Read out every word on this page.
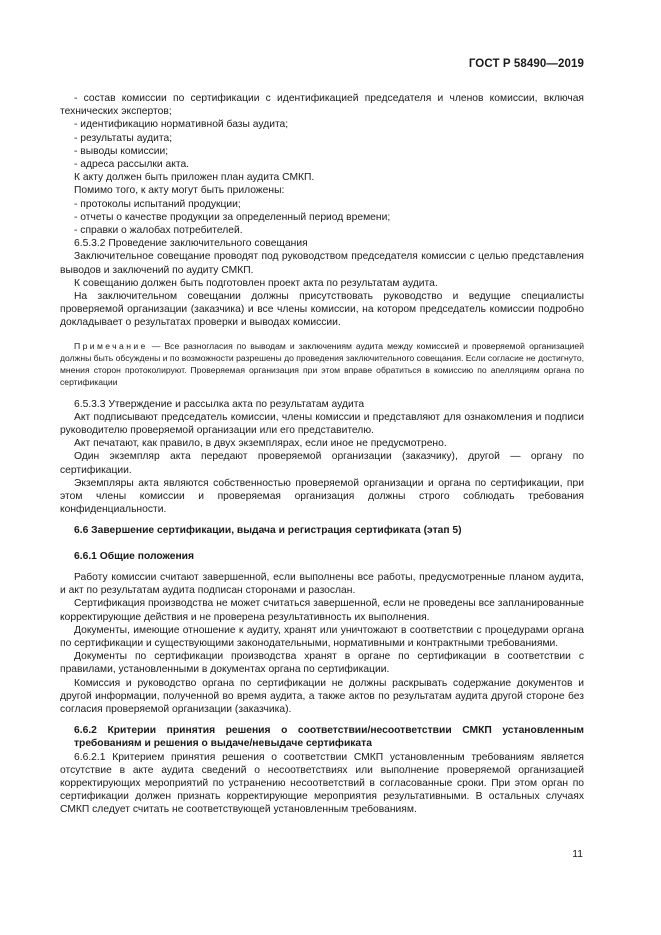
ГОСТ Р 58490—2019

- состав комиссии по сертификации с идентификацией председателя и членов комиссии, включая технических экспертов;

- идентификацию нормативной базы аудита;

- результаты аудита;

- выводы комиссии;

- адреса рассылки акта.

К акту должен быть приложен план аудита СМКП.

Помимо того, к акту могут быть приложены:

- протоколы испытаний продукции;

- отчеты о качестве продукции за определенный период времени;

- справки о жалобах потребителей.

6.5.3.2 Проведение заключительного совещания

Заключительное совещание проводят под руководством председателя комиссии с целью представления выводов и заключений по аудиту СМКП.

К совещанию должен быть подготовлен проект акта по результатам аудита.

На заключительном совещании должны присутствовать руководство и ведущие специалисты проверяемой организации (заказчика) и все члены комиссии, на котором председатель комиссии подробно докладывает о результатах проверки и выводах комиссии.

Примечание — Все разногласия по выводам и заключениям аудита между комиссией и проверяемой организацией должны быть обсуждены и по возможности разрешены до проведения заключительного совещания. Если согласие не достигнуто, мнения сторон протоколируют. Проверяемая организация при этом вправе обратиться в комиссию по апелляциям органа по сертификации

6.5.3.3 Утверждение и рассылка акта по результатам аудита

Акт подписывают председатель комиссии, члены комиссии и представляют для ознакомления и подписи руководителю проверяемой организации или его представителю.

Акт печатают, как правило, в двух экземплярах, если иное не предусмотрено.

Один экземпляр акта передают проверяемой организации (заказчику), другой — органу по сертификации.

Экземпляры акта являются собственностью проверяемой организации и органа по сертификации, при этом члены комиссии и проверяемая организация должны строго соблюдать требования конфиденциальности.

6.6 Завершение сертификации, выдача и регистрация сертификата (этап 5)

6.6.1 Общие положения

Работу комиссии считают завершенной, если выполнены все работы, предусмотренные планом аудита, и акт по результатам аудита подписан сторонами и разослан.

Сертификация производства не может считаться завершенной, если не проведены все запланированные корректирующие действия и не проверена результативность их выполнения.

Документы, имеющие отношение к аудиту, хранят или уничтожают в соответствии с процедурами органа по сертификации и существующими законодательными, нормативными и контрактными требованиями.

Документы по сертификации производства хранят в органе по сертификации в соответствии с правилами, установленными в документах органа по сертификации.

Комиссия и руководство органа по сертификации не должны раскрывать содержание документов и другой информации, полученной во время аудита, а также актов по результатам аудита другой стороне без согласия проверяемой организации (заказчика).

6.6.2 Критерии принятия решения о соответствии/несоответствии СМКП установленным требованиям и решения о выдаче/невыдаче сертификата

6.6.2.1 Критерием принятия решения о соответствии СМКП установленным требованиям является отсутствие в акте аудита сведений о несоответствиях или выполнение проверяемой организацией корректирующих мероприятий по устранению несоответствий в согласованные сроки. При этом орган по сертификации должен признать корректирующие мероприятия результативными. В остальных случаях СМКП следует считать не соответствующей установленным требованиям.

11
